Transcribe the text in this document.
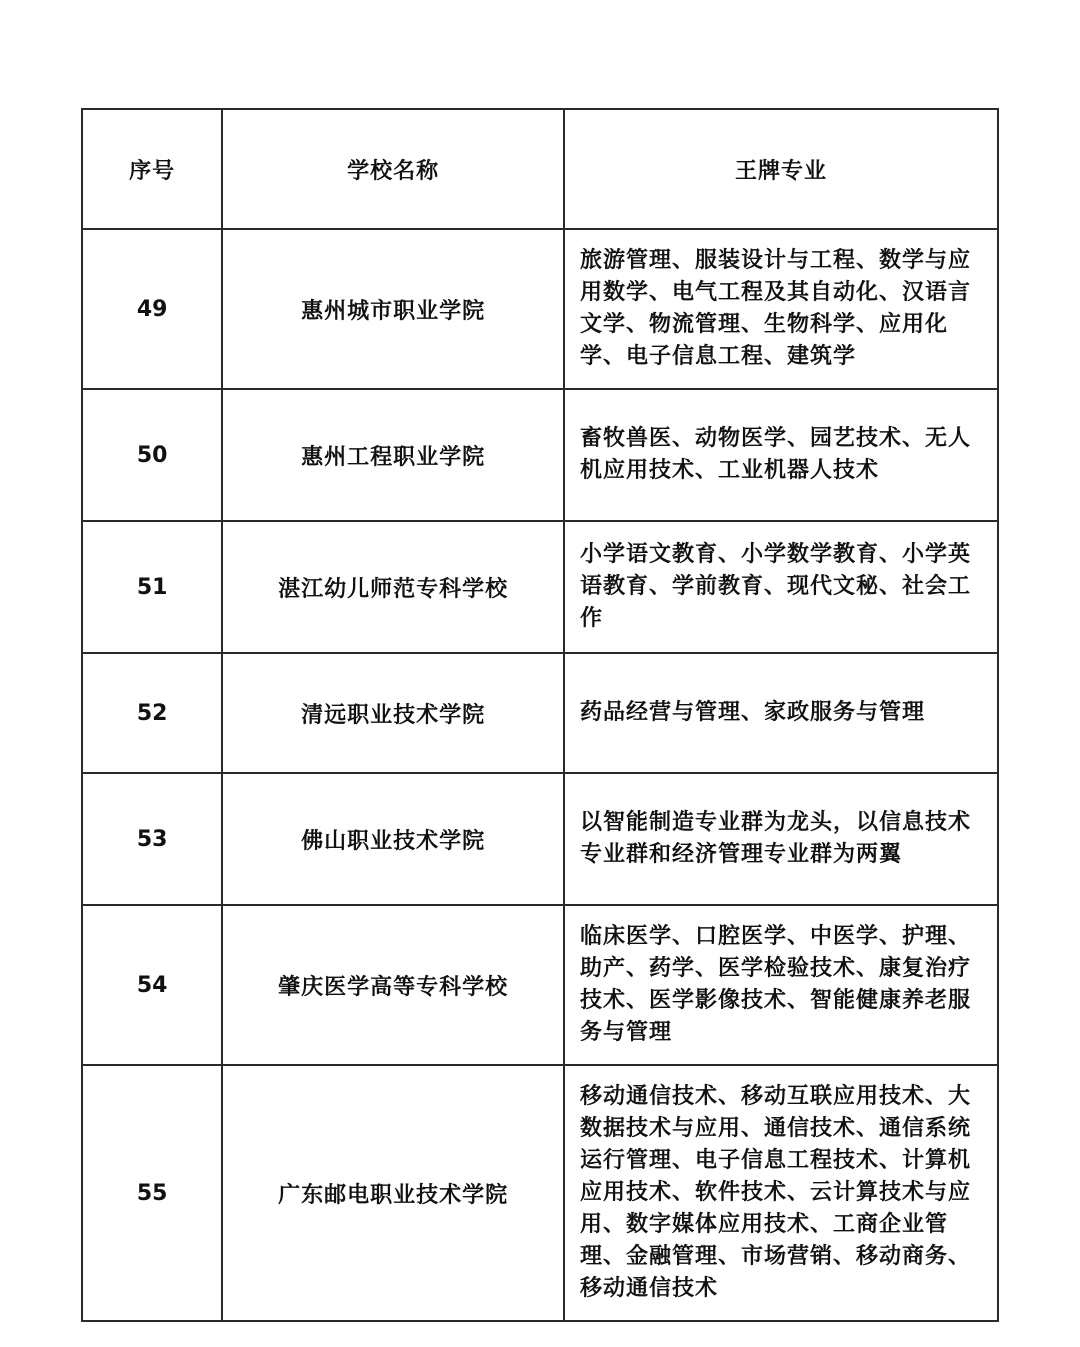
序号	学校名称	王牌专业
49	惠州城市职业学院	旅游管理、服装设计与工程、数学与应用数学、电气工程及其自动化、汉语言文学、物流管理、生物科学、应用化学、电子信息工程、建筑学
50	惠州工程职业学院	畜牧兽医、动物医学、园艺技术、无人机应用技术、工业机器人技术
51	湛江幼儿师范专科学校	小学语文教育、小学数学教育、小学英语教育、学前教育、现代文秘、社会工作
52	清远职业技术学院	药品经营与管理、家政服务与管理
53	佛山职业技术学院	以智能制造专业群为龙头，以信息技术专业群和经济管理专业群为两翼
54	肇庆医学高等专科学校	临床医学、口腔医学、中医学、护理、助产、药学、医学检验技术、康复治疗技术、医学影像技术、智能健康养老服务与管理
55	广东邮电职业技术学院	移动通信技术、移动互联应用技术、大数据技术与应用、通信技术、通信系统运行管理、电子信息工程技术、计算机应用技术、软件技术、云计算技术与应用、数字媒体应用技术、工商企业管理、金融管理、市场营销、移动商务、移动通信技术
